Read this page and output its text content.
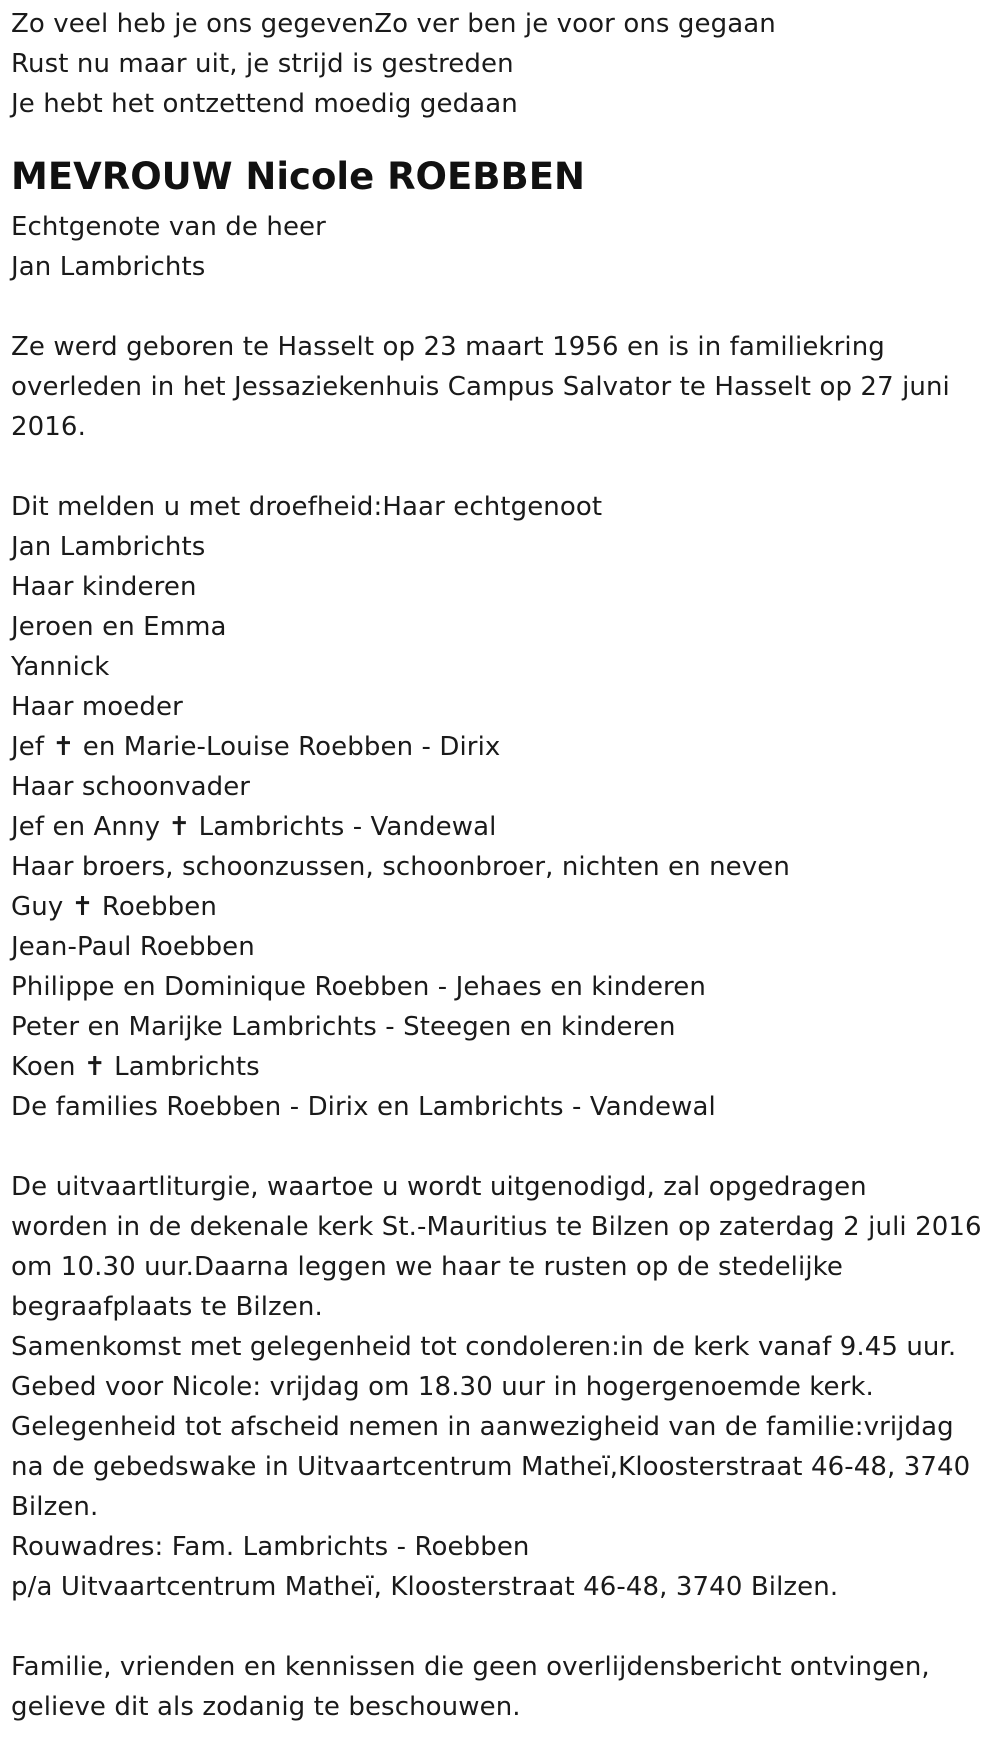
Zo veel heb je ons gegevenZo ver ben je voor ons gegaan
Rust nu maar uit, je strijd is gestreden
Je hebt het ontzettend moedig gedaan
MEVROUW Nicole ROEBBEN
Echtgenote van de heer
Jan Lambrichts
Ze werd geboren te Hasselt op 23 maart 1956 en is in familiekring
overleden in het Jessaziekenhuis Campus Salvator te Hasselt op 27 juni
2016.
Dit melden u met droefheid:Haar echtgenoot
Jan Lambrichts
Haar kinderen
Jeroen en Emma
Yannick
Haar moeder
Jef ✝ en Marie-Louise Roebben - Dirix
Haar schoonvader
Jef en Anny ✝ Lambrichts - Vandewal
Haar broers, schoonzussen, schoonbroer, nichten en neven
Guy ✝ Roebben
Jean-Paul Roebben
Philippe en Dominique Roebben - Jehaes en kinderen
Peter en Marijke Lambrichts - Steegen en kinderen
Koen ✝ Lambrichts
De families Roebben - Dirix en Lambrichts - Vandewal
De uitvaartliturgie, waartoe u wordt uitgenodigd, zal opgedragen
worden in de dekenale kerk St.-Mauritius te Bilzen op zaterdag 2 juli 2016
om 10.30 uur.Daarna leggen we haar te rusten op de stedelijke
begraafplaats te Bilzen.
Samenkomst met gelegenheid tot condoleren:in de kerk vanaf 9.45 uur.
Gebed voor Nicole: vrijdag om 18.30 uur in hogergenoemde kerk.
Gelegenheid tot afscheid nemen in aanwezigheid van de familie:vrijdag
na de gebedswake in Uitvaartcentrum Matheï,Kloosterstraat 46-48, 3740
Bilzen.
Rouwadres: Fam. Lambrichts - Roebben
p/a Uitvaartcentrum Matheï, Kloosterstraat 46-48, 3740 Bilzen.
Familie, vrienden en kennissen die geen overlijdensbericht ontvingen,
gelieve dit als zodanig te beschouwen.
